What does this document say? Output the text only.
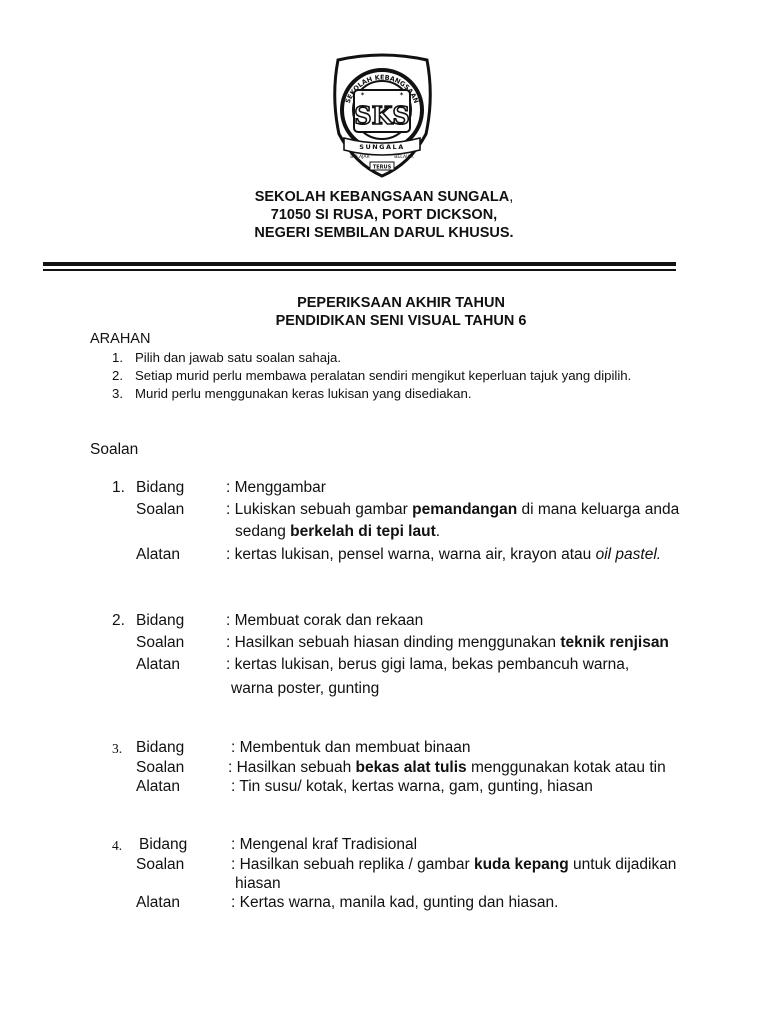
SKS
SEKOLAH KEBANGSAAN
SUNGALA
BELAJAR	BELAJAR
TERUS
✶	✶
SEKOLAH KEBANGSAAN SUNGALA,
71050 SI RUSA, PORT DICKSON,
NEGERI SEMBILAN DARUL KHUSUS.
PEPERIKSAAN AKHIR TAHUN
PENDIDIKAN SENI VISUAL TAHUN 6
ARAHAN
1. Pilih dan jawab satu soalan sahaja.
2. Setiap murid perlu membawa peralatan sendiri mengikut keperluan tajuk yang dipilih.
3. Murid perlu menggunakan keras lukisan yang disediakan.
Soalan
1. Bidang	: Menggambar
Soalan	: Lukiskan sebuah gambar pemandangan di mana keluarga anda
sedang berkelah di tepi laut.
Alatan	: kertas lukisan, pensel warna, warna air, krayon atau oil pastel.
2. Bidang	: Membuat corak dan rekaan
Soalan	: Hasilkan sebuah hiasan dinding menggunakan teknik renjisan
Alatan	: kertas lukisan, berus gigi lama, bekas pembancuh warna,
warna poster, gunting
3. Bidang	: Membentuk dan membuat binaan
Soalan	: Hasilkan sebuah bekas alat tulis menggunakan kotak atau tin
Alatan	: Tin susu/ kotak, kertas warna, gam, gunting, hiasan
4. Bidang	: Mengenal kraf Tradisional
Soalan	: Hasilkan sebuah replika / gambar kuda kepang untuk dijadikan
hiasan
Alatan	: Kertas warna, manila kad, gunting dan hiasan.
